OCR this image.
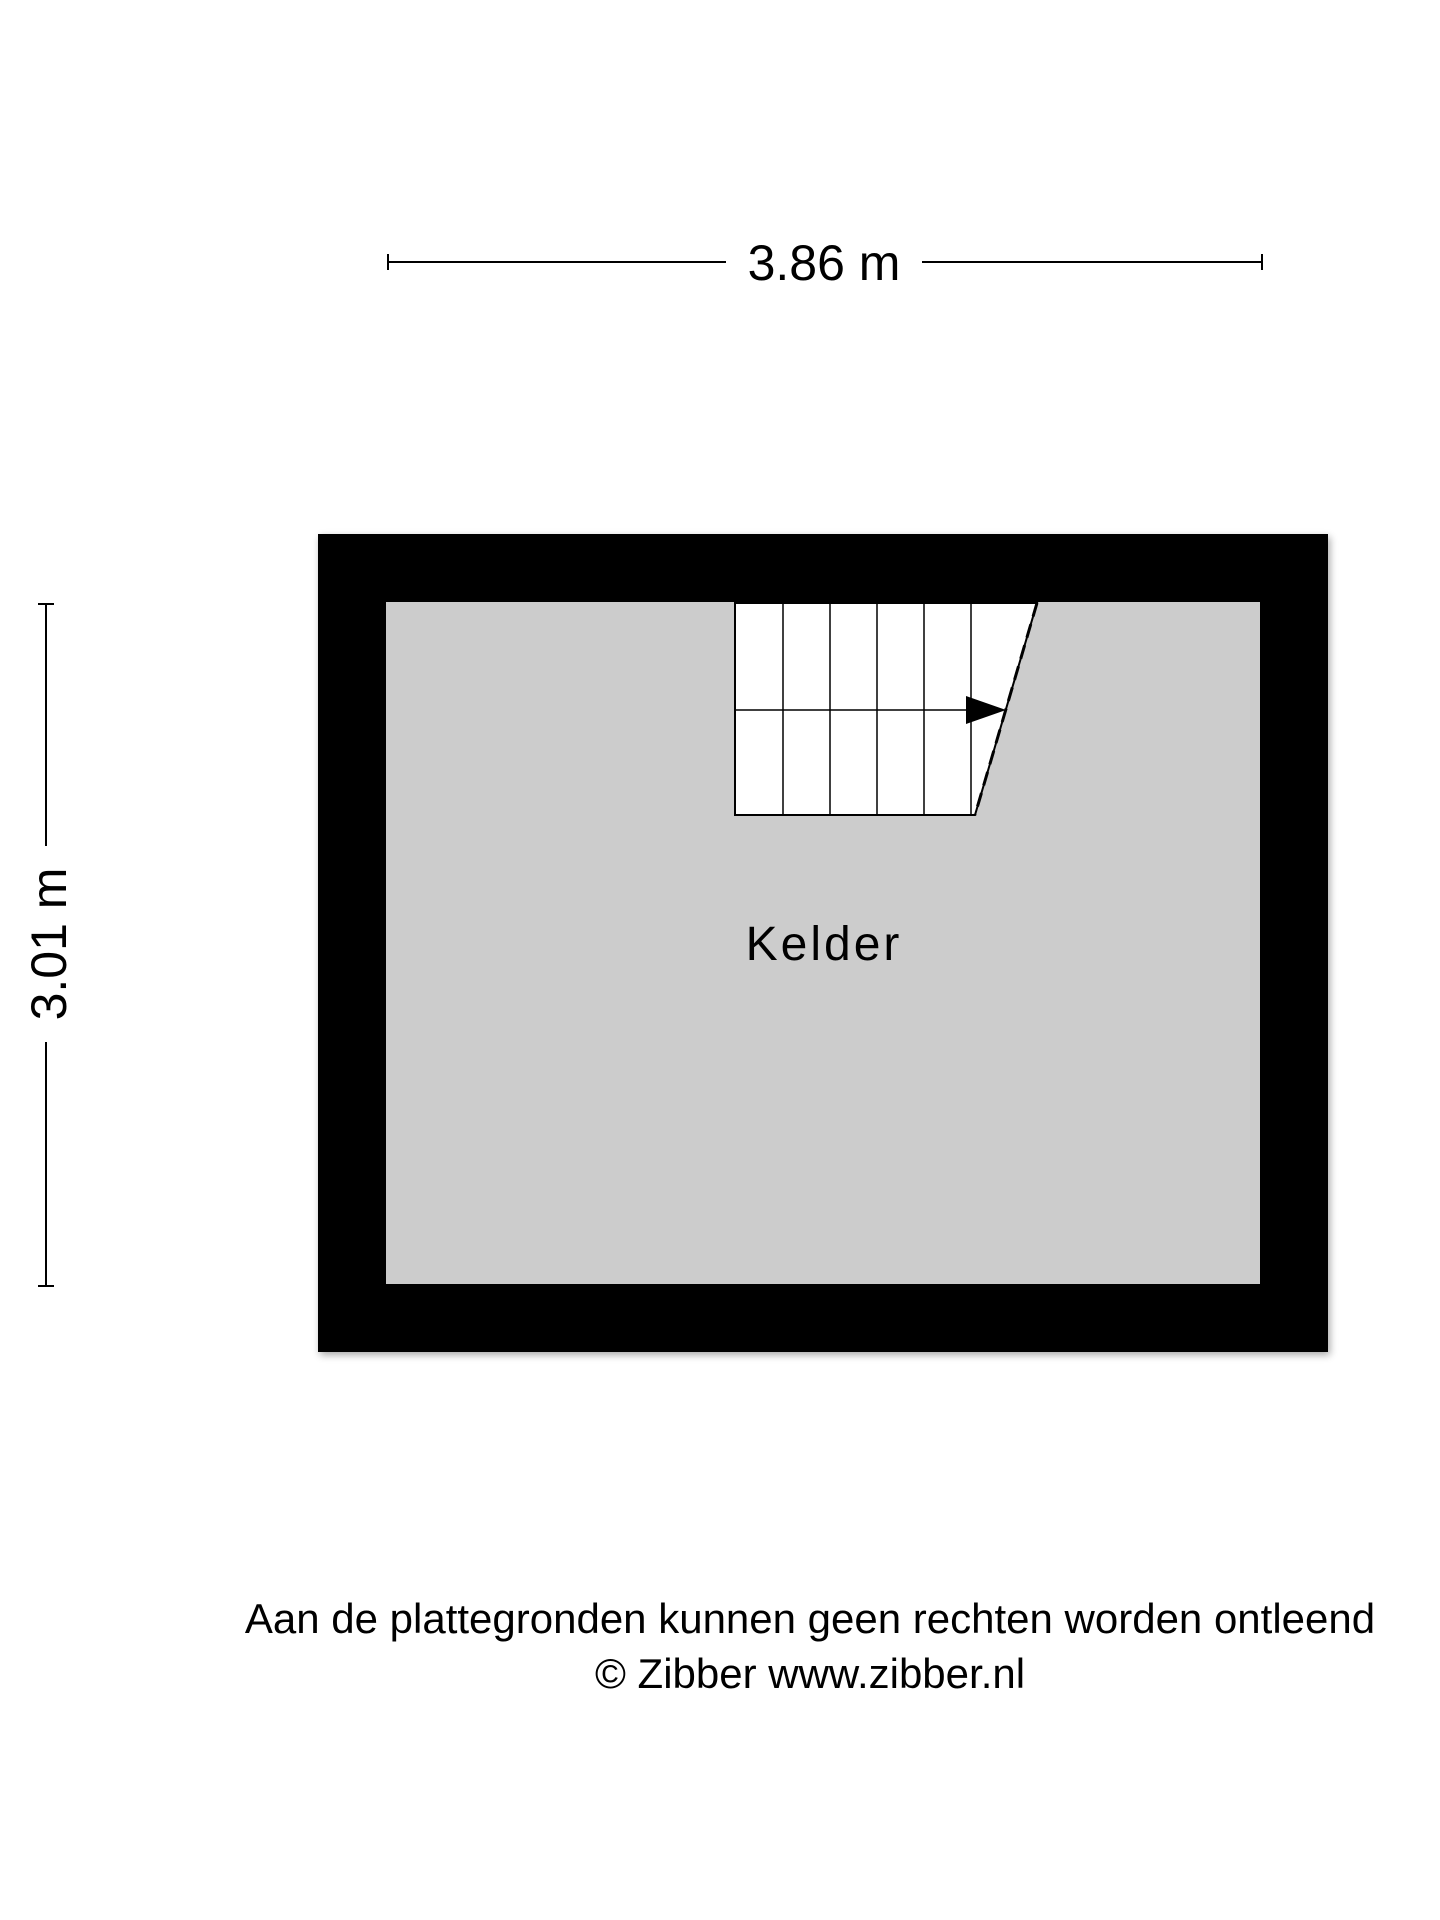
3.86 m
3.01 m	Kelder
Aan de plattegronden kunnen geen rechten worden ontleend
© Zibber www.zibber.nl
